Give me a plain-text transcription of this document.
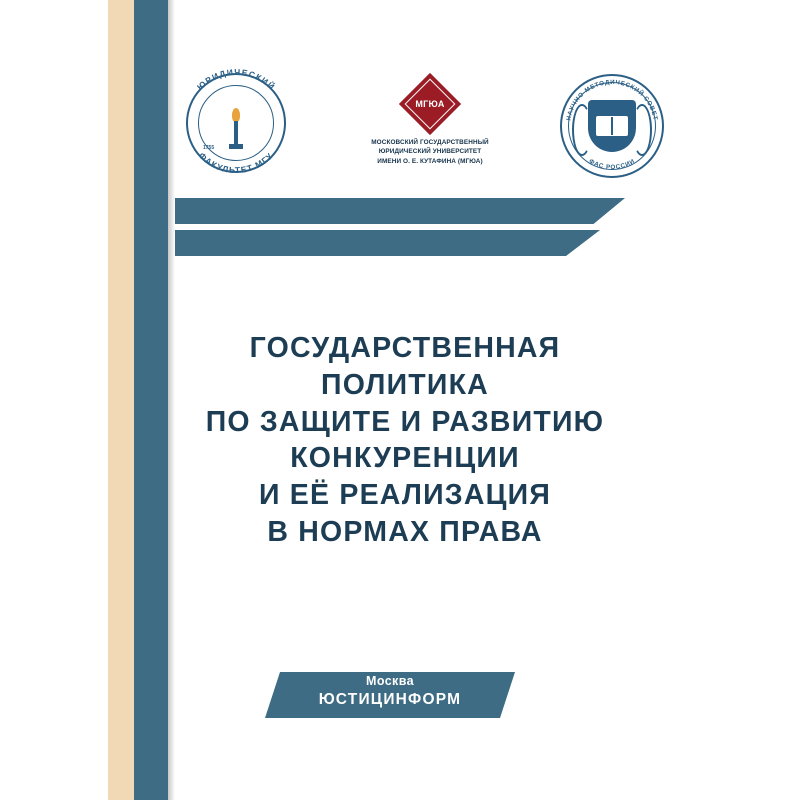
ЮРИДИЧЕСКИЙ
ФАКУЛЬТЕТ МГУ
1755
МГЮА
МОСКОВСКИЙ ГОСУДАРСТВЕННЫЙ
ЮРИДИЧЕСКИЙ УНИВЕРСИТЕТ
ИМЕНИ О. Е. КУТАФИНА (МГЮА)
НАУЧНО-МЕТОДИЧЕСКИЙ СОВЕТ
ФАС РОССИИ
ГОСУДАРСТВЕННАЯ
ПОЛИТИКА
ПО ЗАЩИТЕ И РАЗВИТИЮ
КОНКУРЕНЦИИ
И ЕЁ РЕАЛИЗАЦИЯ
В НОРМАХ ПРАВА
Москва
ЮСТИЦИНФОРМ
